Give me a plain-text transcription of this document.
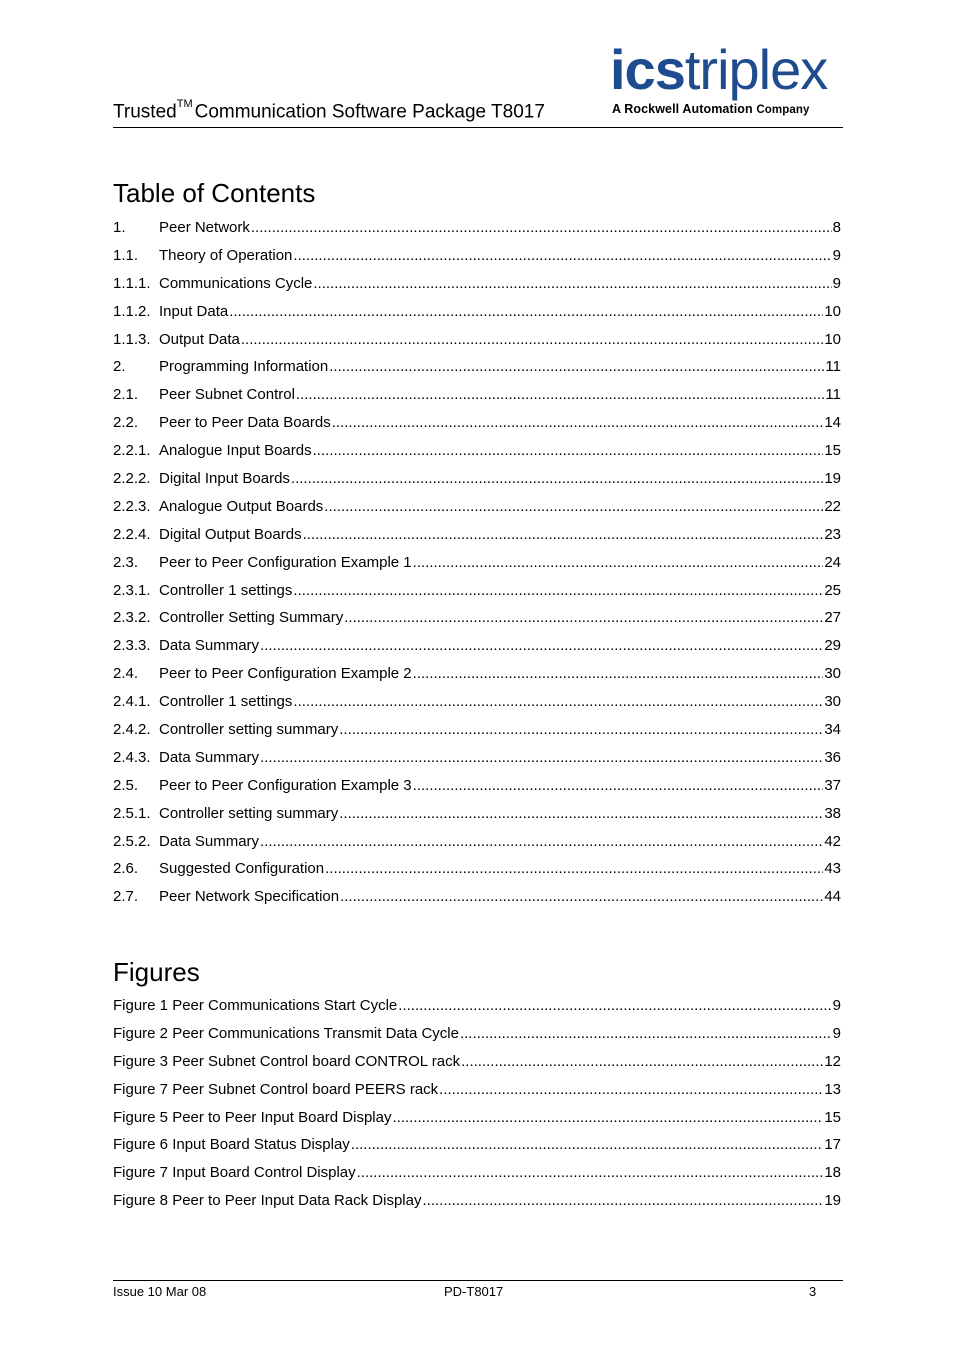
Trusted™ Communication Software Package T8017
icstriplex
A Rockwell Automation Company
Table of Contents
1.	Peer Network .....	8
1.1.	Theory of Operation .....	9
1.1.1. Communications Cycle .....	9
1.1.2. Input Data .....	10
1.1.3. Output Data .....	10
2.	Programming Information .....	11
2.1.	Peer Subnet Control .....	11
2.2.	Peer to Peer Data Boards .....	14
2.2.1. Analogue Input Boards .....	15
2.2.2. Digital Input Boards .....	19
2.2.3. Analogue Output Boards .....	22
2.2.4. Digital Output Boards .....	23
2.3.	Peer to Peer Configuration Example 1 .....	24
2.3.1. Controller 1 settings .....	25
2.3.2. Controller Setting Summary .....	27
2.3.3. Data Summary .....	29
2.4.	Peer to Peer Configuration Example 2 .....	30
2.4.1. Controller 1 settings .....	30
2.4.2. Controller setting summary .....	34
2.4.3. Data Summary .....	36
2.5.	Peer to Peer Configuration Example 3 .....	37
2.5.1. Controller setting summary .....	38
2.5.2. Data Summary .....	42
2.6.	Suggested Configuration .....	43
2.7.	Peer Network Specification .....	44
Figures
Figure 1 Peer Communications Start Cycle .....	9
Figure 2 Peer Communications Transmit Data Cycle .....	9
Figure 3 Peer Subnet Control board CONTROL rack .....	12
Figure 7 Peer Subnet Control board PEERS rack .....	13
Figure 5 Peer to Peer Input Board Display .....	15
Figure 6 Input Board Status Display .....	17
Figure 7 Input Board Control Display .....	18
Figure 8 Peer to Peer Input Data Rack Display .....	19
Issue 10 Mar 08	PD-T8017	3
